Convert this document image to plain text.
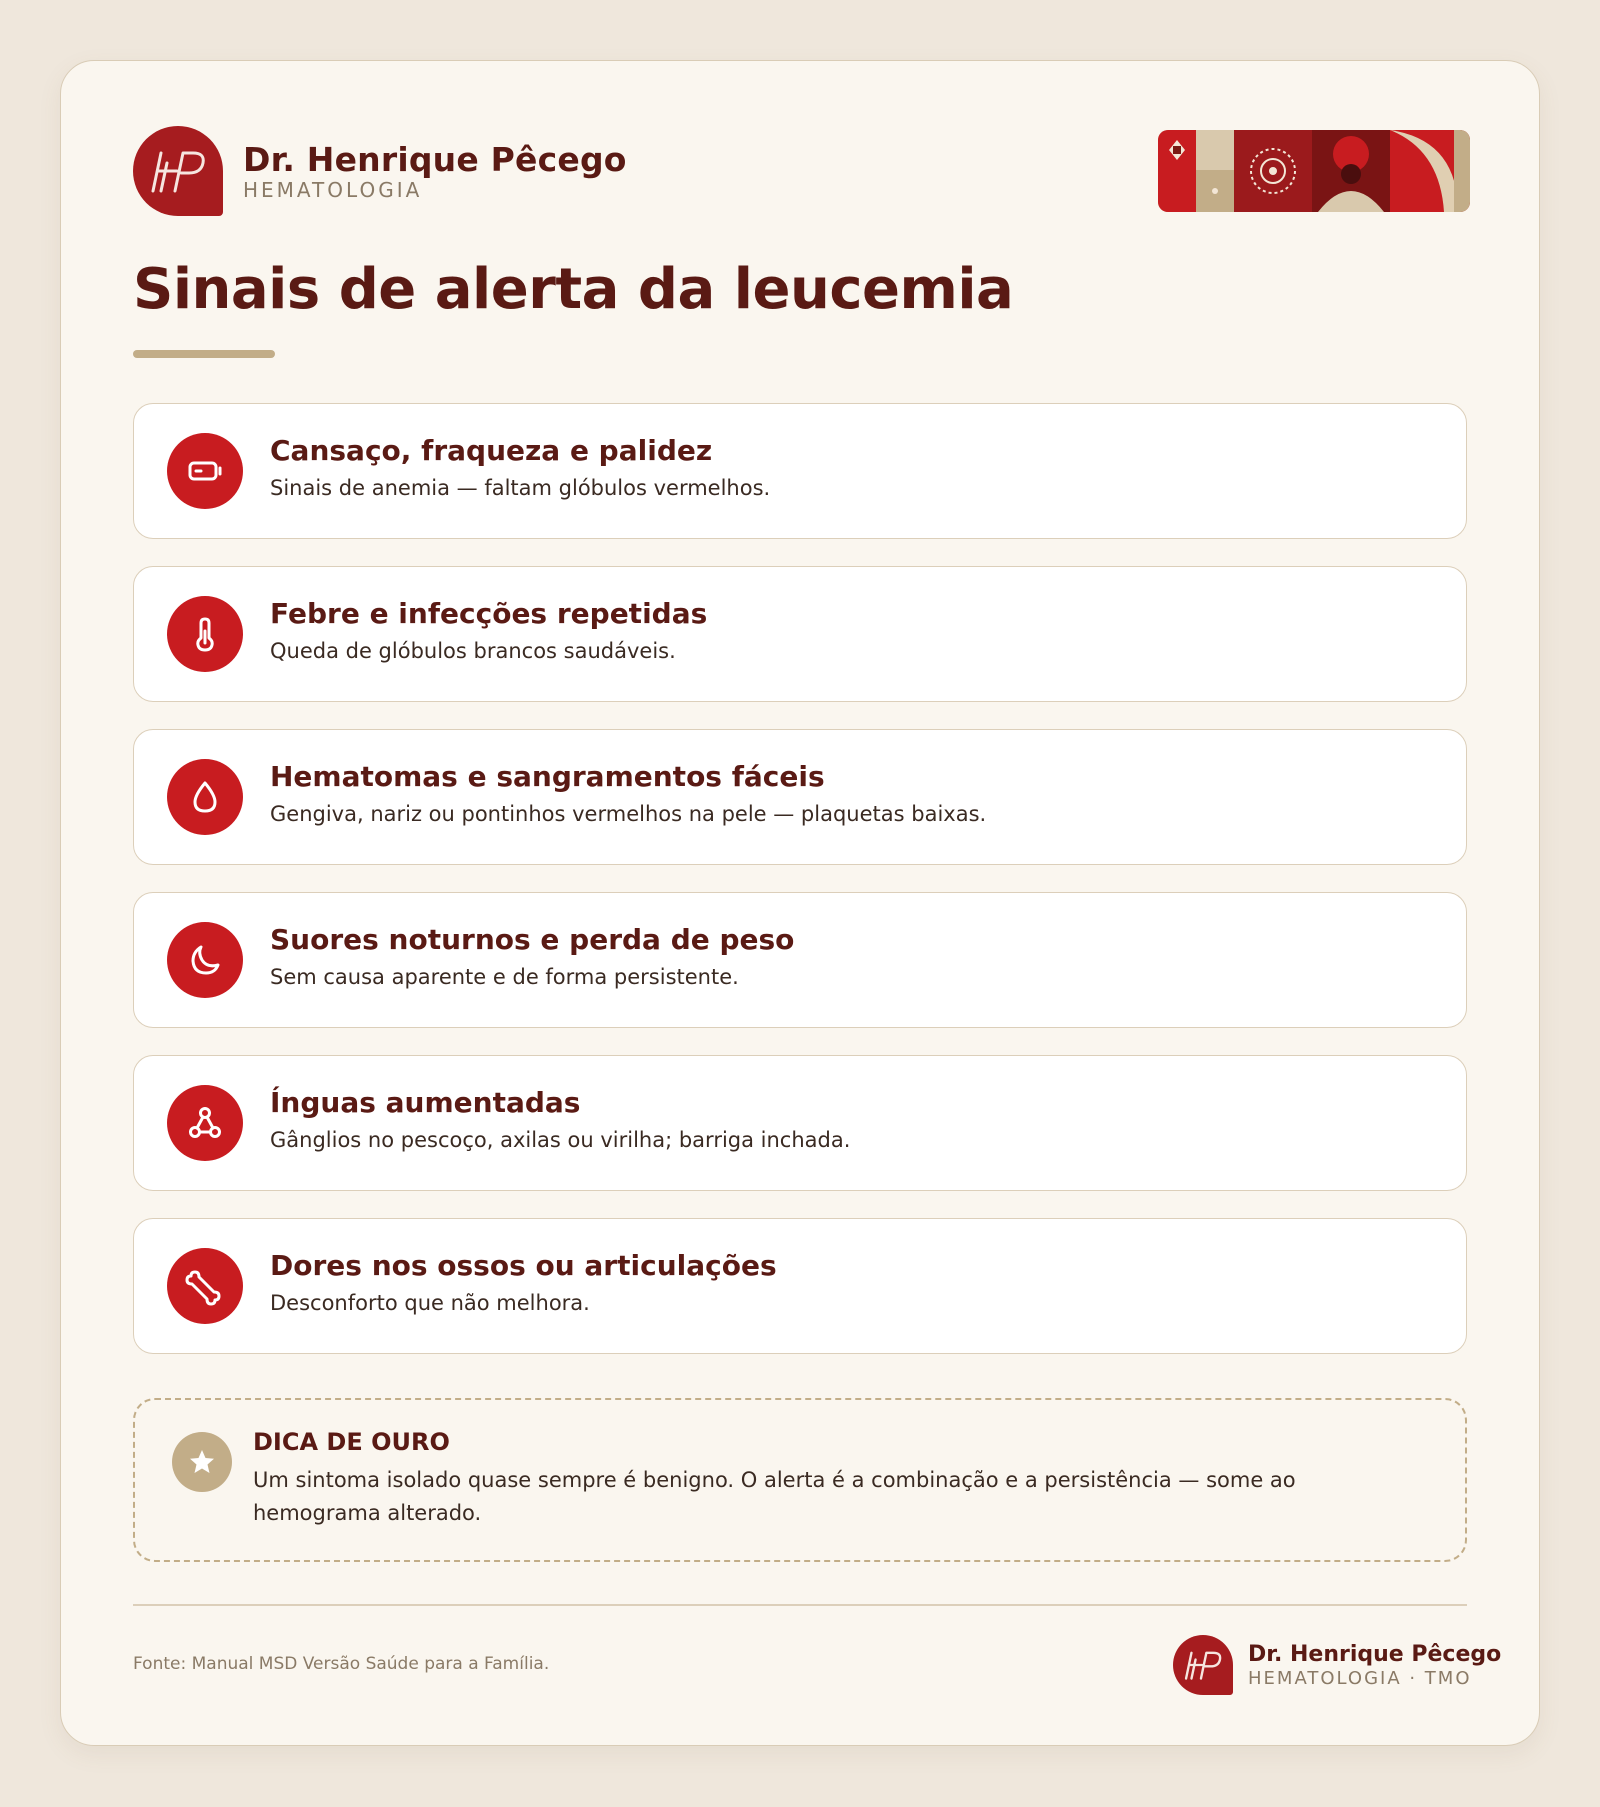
Dr. Henrique Pêcego
HEMATOLOGIA
Sinais de alerta da leucemia
Cansaço, fraqueza e palidez
Sinais de anemia — faltam glóbulos vermelhos.
Febre e infecções repetidas
Queda de glóbulos brancos saudáveis.
Hematomas e sangramentos fáceis
Gengiva, nariz ou pontinhos vermelhos na pele — plaquetas baixas.
Suores noturnos e perda de peso
Sem causa aparente e de forma persistente.
Ínguas aumentadas
Gânglios no pescoço, axilas ou virilha; barriga inchada.
Dores nos ossos ou articulações
Desconforto que não melhora.
DICA DE OURO
Um sintoma isolado quase sempre é benigno. O alerta é a combinação e a persistência — some ao hemograma alterado.
Fonte: Manual MSD Versão Saúde para a Família.	Dr. Henrique Pêcego
HEMATOLOGIA · TMO
